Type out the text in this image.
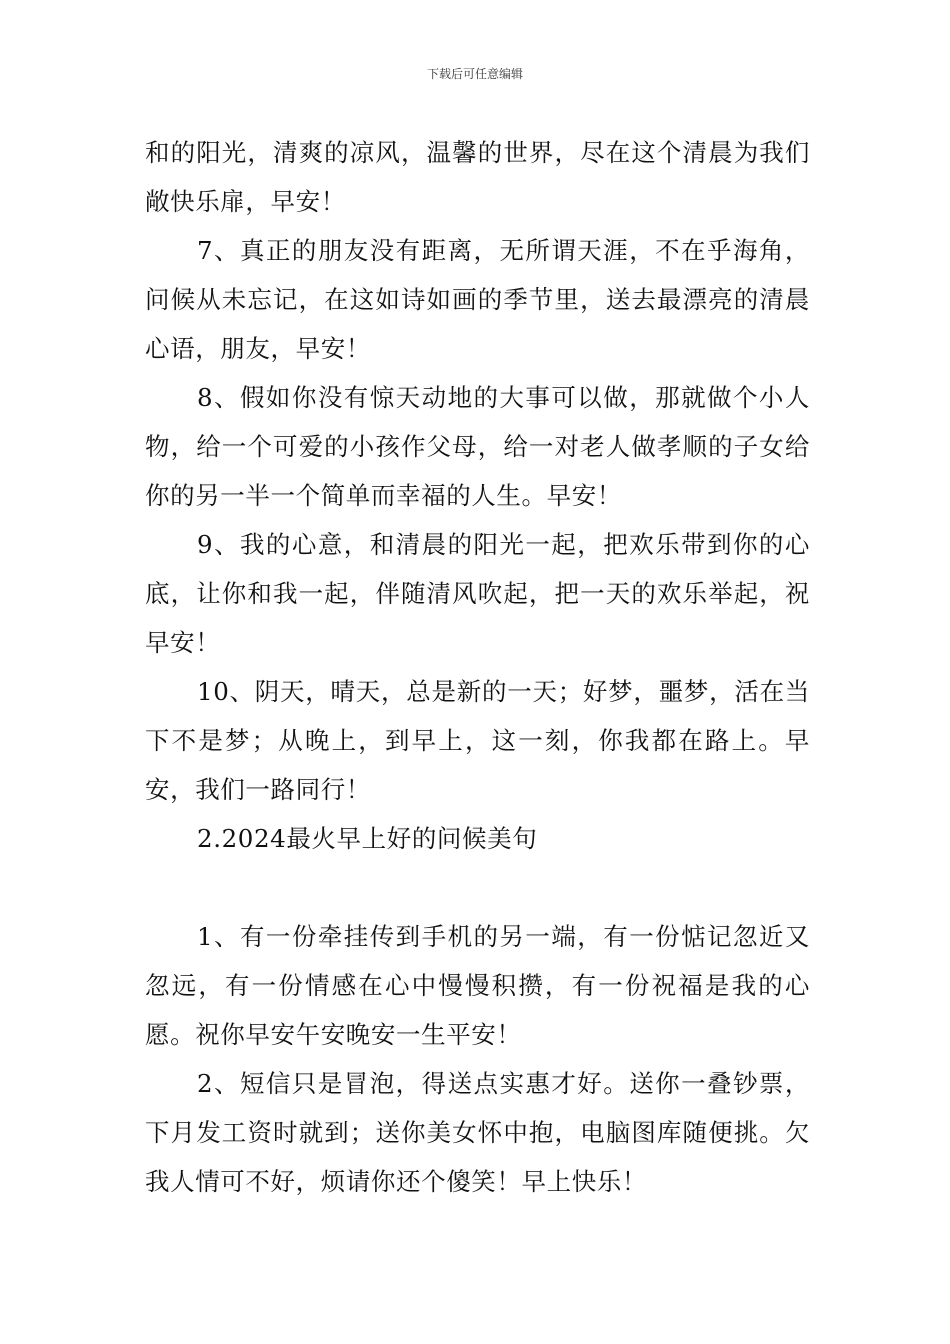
下载后可任意编辑

和的阳光，清爽的凉风，温馨的世界，尽在这个清晨为我们敞快乐扉，早安！

7、真正的朋友没有距离，无所谓天涯，不在乎海角，问候从未忘记，在这如诗如画的季节里，送去最漂亮的清晨心语，朋友，早安！

8、假如你没有惊天动地的大事可以做，那就做个小人物，给一个可爱的小孩作父母，给一对老人做孝顺的子女给你的另一半一个简单而幸福的人生。早安！

9、我的心意，和清晨的阳光一起，把欢乐带到你的心底，让你和我一起，伴随清风吹起，把一天的欢乐举起，祝早安！

10、阴天，晴天，总是新的一天；好梦，噩梦，活在当下不是梦；从晚上，到早上，这一刻，你我都在路上。早安，我们一路同行！

2.2024最火早上好的问候美句

1、有一份牵挂传到手机的另一端，有一份惦记忽近又忽远，有一份情感在心中慢慢积攒，有一份祝福是我的心愿。祝你早安午安晚安一生平安！

2、短信只是冒泡，得送点实惠才好。送你一叠钞票，下月发工资时就到；送你美女怀中抱，电脑图库随便挑。欠我人情可不好，烦请你还个傻笑！早上快乐！
